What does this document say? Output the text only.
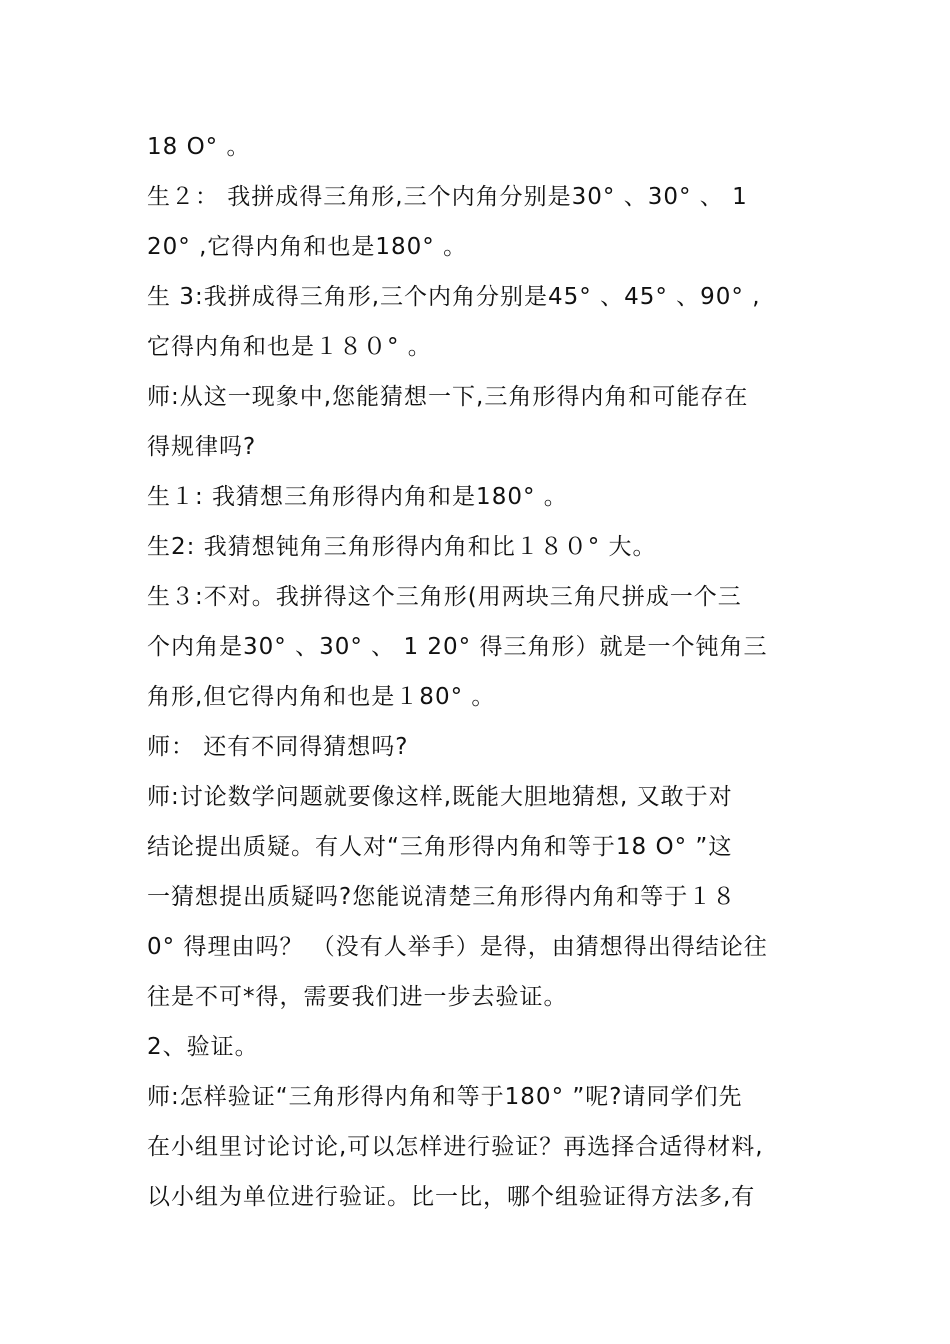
18 O° 。
生２： 我拼成得三角形,三个内角分别是30° 、30° 、 1
20° ,它得内角和也是180° 。
生 3:我拼成得三角形,三个内角分别是45° 、45° 、90° ,
它得内角和也是１８０° 。
师:从这一现象中,您能猜想一下,三角形得内角和可能存在
得规律吗?
生１: 我猜想三角形得内角和是180° 。
生2: 我猜想钝角三角形得内角和比１８０° 大。
生３:不对。我拼得这个三角形(用两块三角尺拼成一个三
个内角是30° 、30° 、 1 20° 得三角形）就是一个钝角三
角形,但它得内角和也是１80° 。
师： 还有不同得猜想吗?
师:讨论数学问题就要像这样,既能大胆地猜想, 又敢于对
结论提出质疑。有人对“三角形得内角和等于18 O° ”这
一猜想提出质疑吗?您能说清楚三角形得内角和等于１８
0° 得理由吗？ （没有人举手）是得，由猜想得出得结论往
往是不可*得，需要我们进一步去验证。
2、验证。
师:怎样验证“三角形得内角和等于180° ”呢?请同学们先
在小组里讨论讨论,可以怎样进行验证？再选择合适得材料,
以小组为单位进行验证。比一比，哪个组验证得方法多,有
